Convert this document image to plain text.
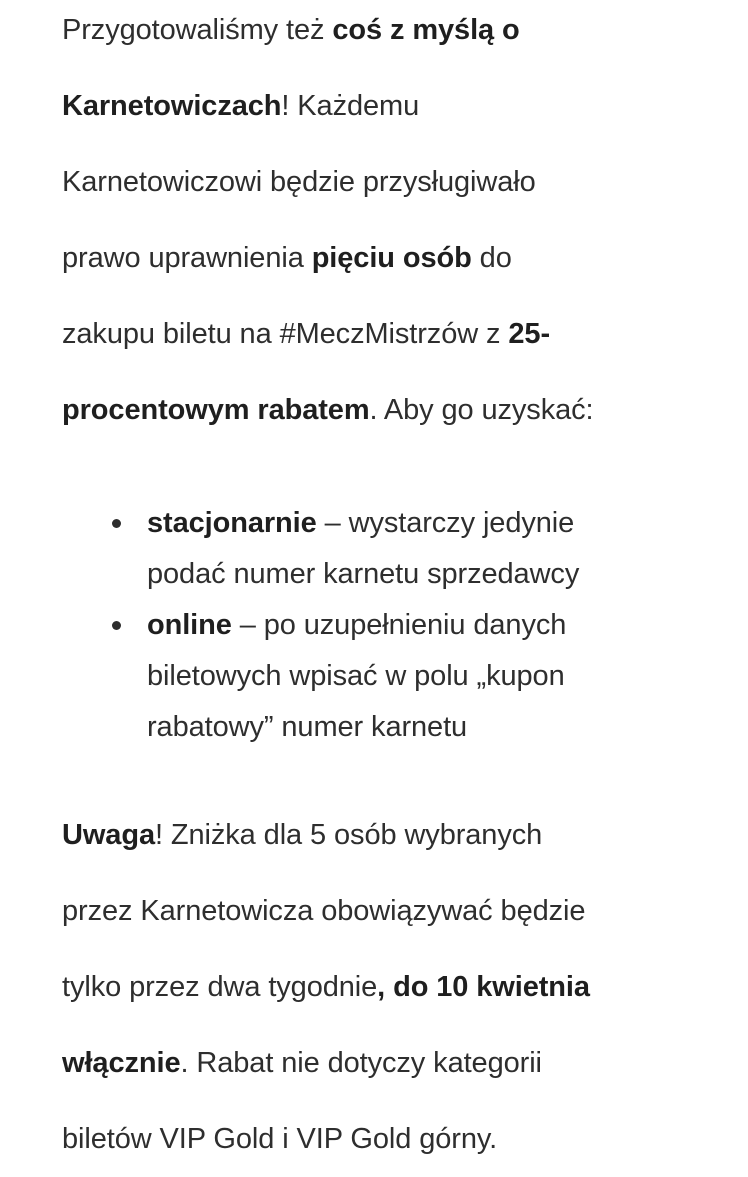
Przygotowaliśmy też coś z myślą o
Karnetowiczach! Każdemu
Karnetowiczowi będzie przysługiwało
prawo uprawnienia pięciu osób do
zakupu biletu na #MeczMistrzów z 25-
procentowym rabatem. Aby go uzyskać:

stacjonarnie – wystarczy jedynie
podać numer karnetu sprzedawcy
online – po uzupełnieniu danych
biletowych wpisać w polu „kupon
rabatowy” numer karnetu

Uwaga! Zniżka dla 5 osób wybranych
przez Karnetowicza obowiązywać będzie
tylko przez dwa tygodnie, do 10 kwietnia
włącznie. Rabat nie dotyczy kategorii
biletów VIP Gold i VIP Gold górny.
